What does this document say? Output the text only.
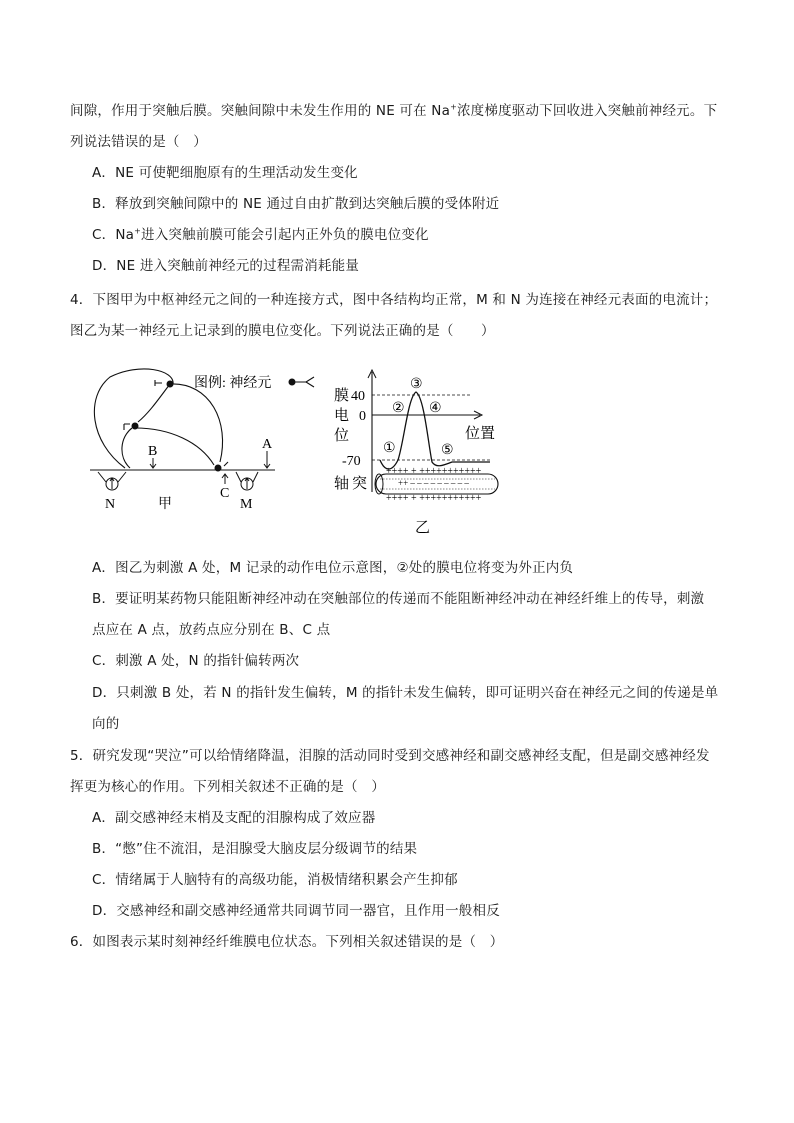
间隙，作用于突触后膜。突触间隙中未发生作用的 NE 可在 Na+浓度梯度驱动下回收进入突触前神经元。下
列说法错误的是（　）
A．NE 可使靶细胞原有的生理活动发生变化
B．释放到突触间隙中的 NE 通过自由扩散到达突触后膜的受体附近
C．Na+进入突触前膜可能会引起内正外负的膜电位变化
D．NE 进入突触前神经元的过程需消耗能量
4．下图甲为中枢神经元之间的一种连接方式，图中各结构均正常，M 和 N 为连接在神经元表面的电流计；
图乙为某一神经元上记录到的膜电位变化。下列说法正确的是（　　）
图例: 神经元
B	A
C
N	M
甲
++++ + +++++++++++
++++ + +++++++++++
++ ‒ ‒ ‒ ‒ ‒ ‒ ‒ ‒ ‒
膜
电
位
40
0
-70
位置
轴 突
①
②
③
④
⑤
乙
A．图乙为刺激 A 处，M 记录的动作电位示意图，②处的膜电位将变为外正内负
B．要证明某药物只能阻断神经冲动在突触部位的传递而不能阻断神经冲动在神经纤维上的传导，刺激
点应在 A 点，放药点应分别在 B、C 点
C．刺激 A 处，N 的指针偏转两次
D．只刺激 B 处，若 N 的指针发生偏转，M 的指针未发生偏转，即可证明兴奋在神经元之间的传递是单
向的
5．研究发现“哭泣”可以给情绪降温，泪腺的活动同时受到交感神经和副交感神经支配，但是副交感神经发
挥更为核心的作用。下列相关叙述不正确的是（　）
A．副交感神经末梢及支配的泪腺构成了效应器
B．“憋”住不流泪，是泪腺受大脑皮层分级调节的结果
C．情绪属于人脑特有的高级功能，消极情绪积累会产生抑郁
D．交感神经和副交感神经通常共同调节同一器官，且作用一般相反
6．如图表示某时刻神经纤维膜电位状态。下列相关叙述错误的是（　）
